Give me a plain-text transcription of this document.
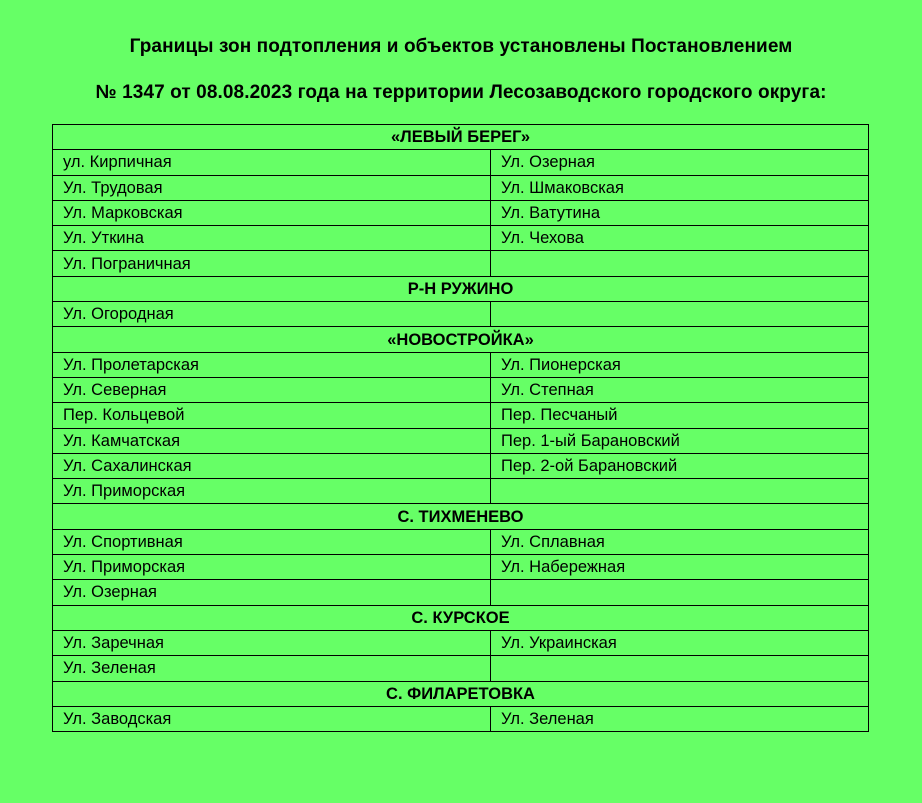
Границы зон подтопления и объектов установлены Постановлением
№ 1347 от 08.08.2023 года на территории Лесозаводского городского округа:
«ЛЕВЫЙ БЕРЕГ»	
ул. Кирпичная	Ул. Озерная
Ул. Трудовая	Ул. Шмаковская
Ул. Марковская	Ул. Ватутина
Ул. Уткина	Ул. Чехова
Ул. Пограничная	
Р-Н РУЖИНО	
Ул. Огородная	
«НОВОСТРОЙКА»	
Ул. Пролетарская	Ул. Пионерская
Ул. Северная	Ул. Степная
Пер. Кольцевой	Пер. Песчаный
Ул. Камчатская	Пер. 1-ый Барановский
Ул. Сахалинская	Пер. 2-ой Барановский
Ул. Приморская	
С. ТИХМЕНЕВО	
Ул. Спортивная	Ул. Сплавная
Ул. Приморская	Ул. Набережная
Ул. Озерная	
С. КУРСКОЕ	
Ул. Заречная	Ул. Украинская
Ул. Зеленая	
С. ФИЛАРЕТОВКА	
Ул. Заводская	Ул. Зеленая
